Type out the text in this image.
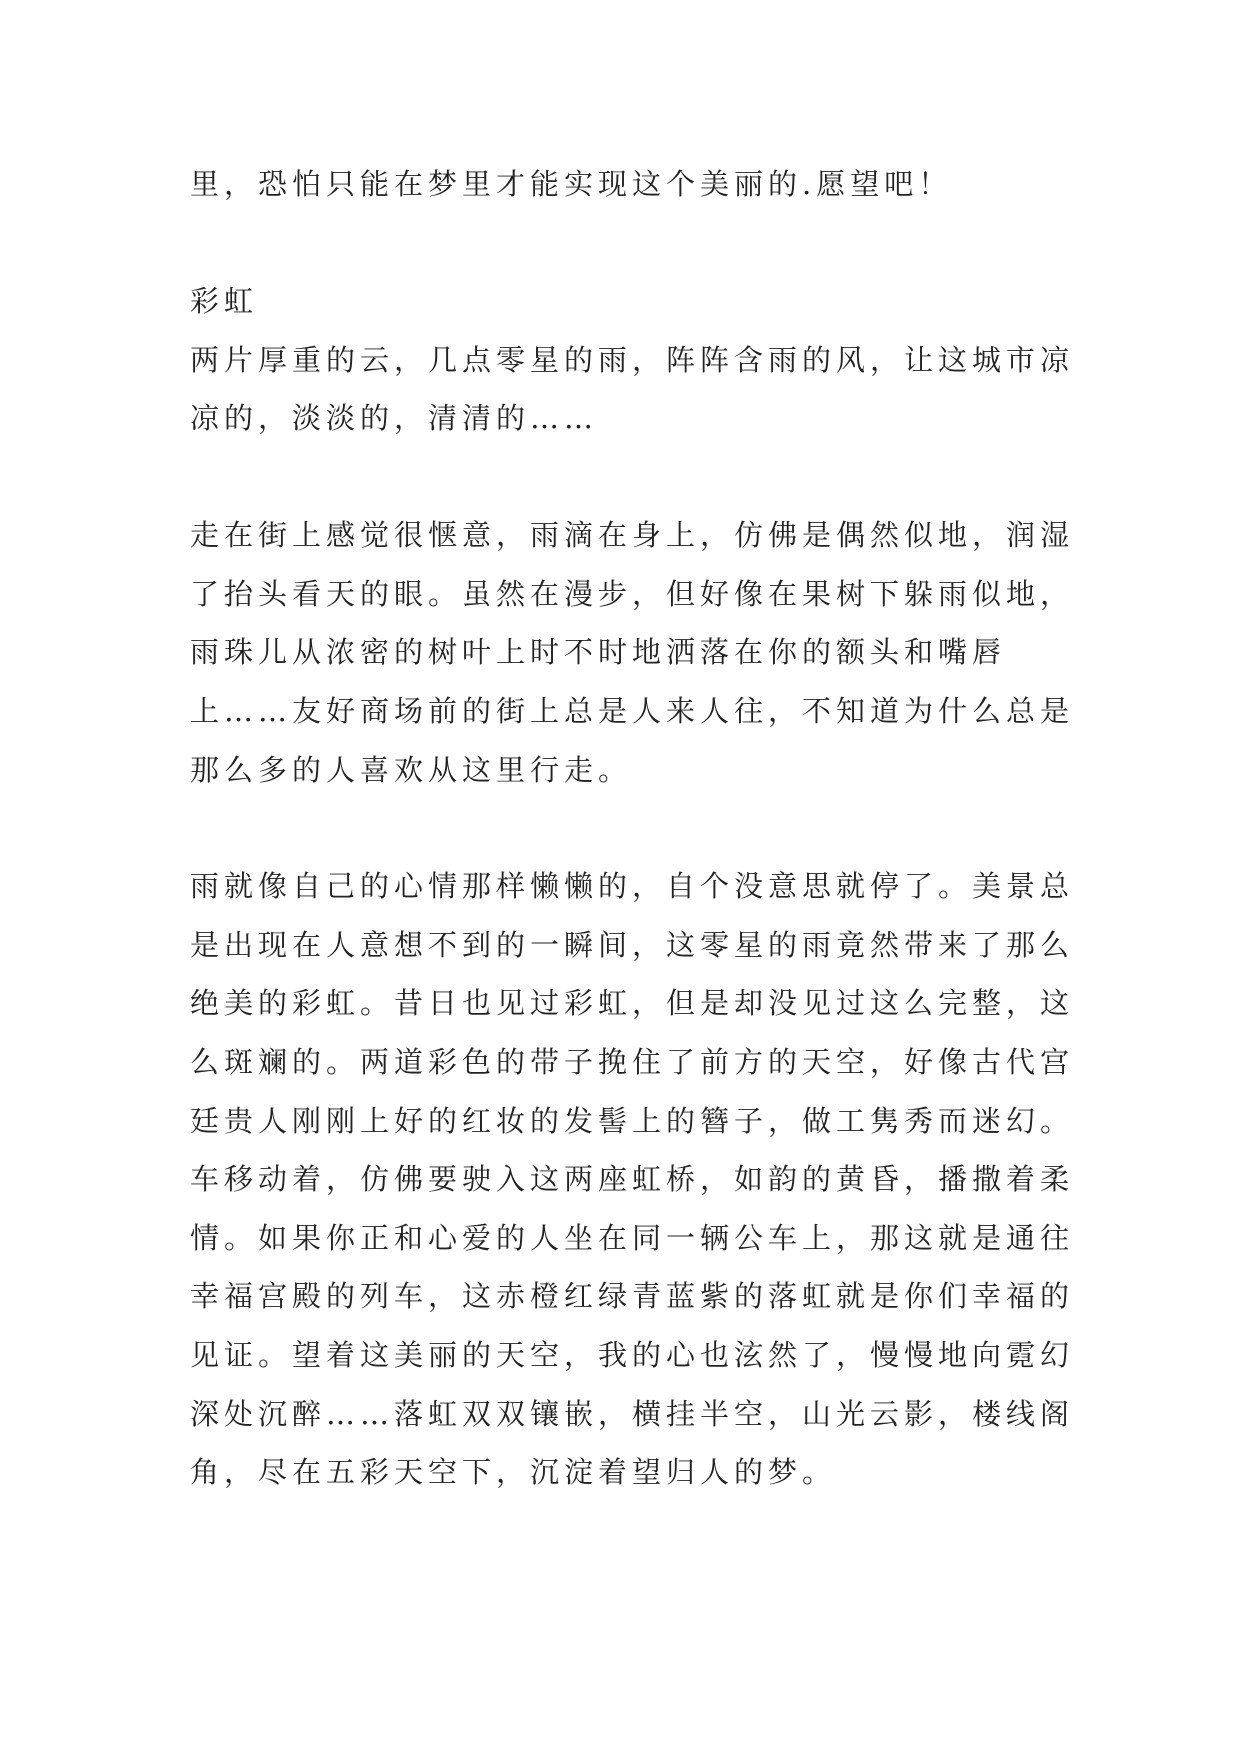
里，恐怕只能在梦里才能实现这个美丽的.愿望吧！
彩虹
两片厚重的云，几点零星的雨，阵阵含雨的风，让这城市凉
凉的，淡淡的，清清的……
走在街上感觉很惬意，雨滴在身上，仿佛是偶然似地，润湿
了抬头看天的眼。虽然在漫步，但好像在果树下躲雨似地，
雨珠儿从浓密的树叶上时不时地洒落在你的额头和嘴唇
上……友好商场前的街上总是人来人往，不知道为什么总是
那么多的人喜欢从这里行走。
雨就像自己的心情那样懒懒的，自个没意思就停了。美景总
是出现在人意想不到的一瞬间，这零星的雨竟然带来了那么
绝美的彩虹。昔日也见过彩虹，但是却没见过这么完整，这
么斑斓的。两道彩色的带子挽住了前方的天空，好像古代宫
廷贵人刚刚上好的红妆的发髻上的簪子，做工隽秀而迷幻。
车移动着，仿佛要驶入这两座虹桥，如韵的黄昏，播撒着柔
情。如果你正和心爱的人坐在同一辆公车上，那这就是通往
幸福宫殿的列车，这赤橙红绿青蓝紫的落虹就是你们幸福的
见证。望着这美丽的天空，我的心也泫然了，慢慢地向霓幻
深处沉醉……落虹双双镶嵌，横挂半空，山光云影，楼线阁
角，尽在五彩天空下，沉淀着望归人的梦。
